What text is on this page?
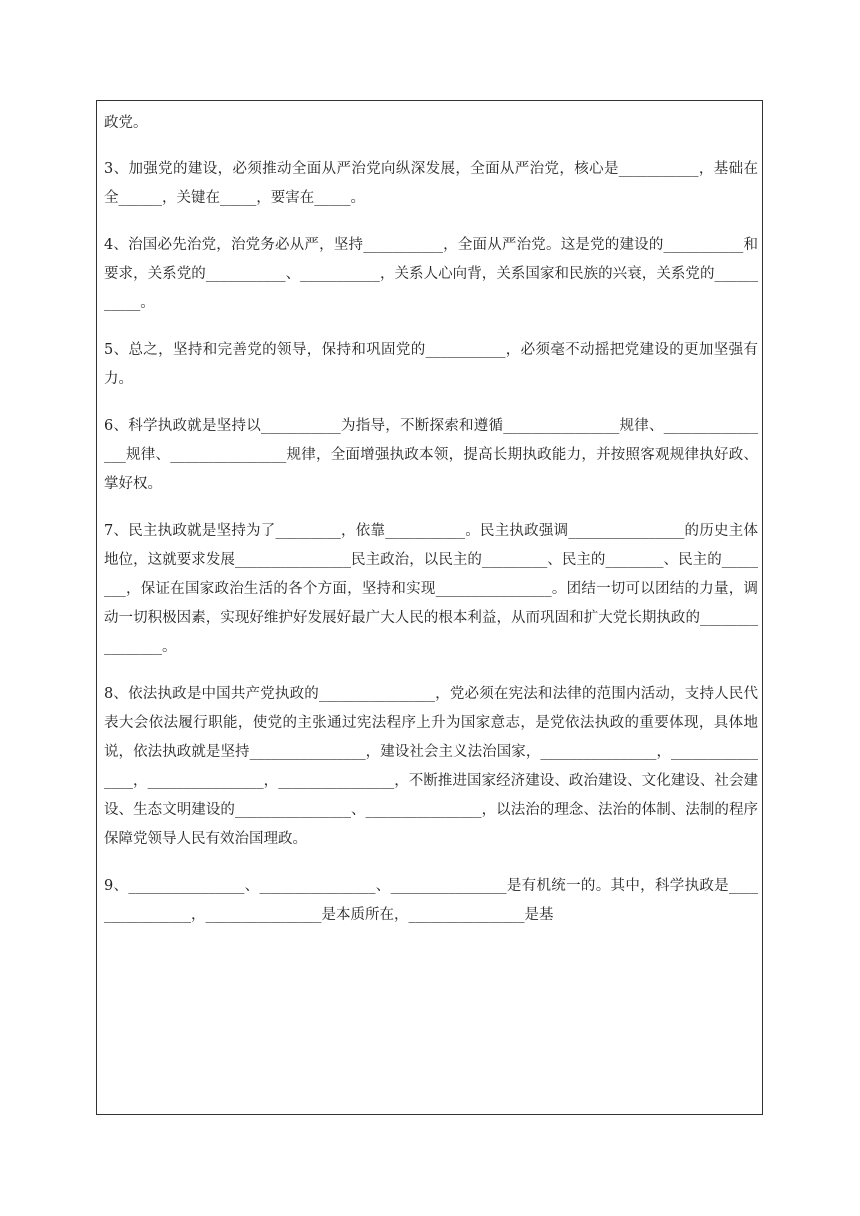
政党。

3、加强党的建设，必须推动全面从严治党向纵深发展，全面从严治党，核心是___________，基础在全______，关键在_____，要害在_____。

4、治国必先治党，治党务必从严，坚持___________，全面从严治党。这是党的建设的___________和要求，关系党的___________、___________，关系人心向背，关系国家和民族的兴衰，关系党的___________。

5、总之，坚持和完善党的领导，保持和巩固党的___________，必须毫不动摇把党建设的更加坚强有力。

6、科学执政就是坚持以___________为指导，不断探索和遵循________________规律、________________规律、________________规律，全面增强执政本领，提高长期执政能力，并按照客观规律执好政、掌好权。

7、民主执政就是坚持为了_________，依靠___________。民主执政强调________________的历史主体地位，这就要求发展________________民主政治，以民主的_________、民主的________、民主的________，保证在国家政治生活的各个方面，坚持和实现________________。团结一切可以团结的力量，调动一切积极因素，实现好维护好发展好最广大人民的根本利益，从而巩固和扩大党长期执政的________________。

8、依法执政是中国共产党执政的________________，党必须在宪法和法律的范围内活动，支持人民代表大会依法履行职能，使党的主张通过宪法程序上升为国家意志，是党依法执政的重要体现，具体地说，依法执政就是坚持________________，建设社会主义法治国家，________________，________________，________________，________________，不断推进国家经济建设、政治建设、文化建设、社会建设、生态文明建设的________________、________________，以法治的理念、法治的体制、法制的程序保障党领导人民有效治国理政。

9、________________、________________、________________是有机统一的。其中，科学执政是________________，________________是本质所在，________________是基
